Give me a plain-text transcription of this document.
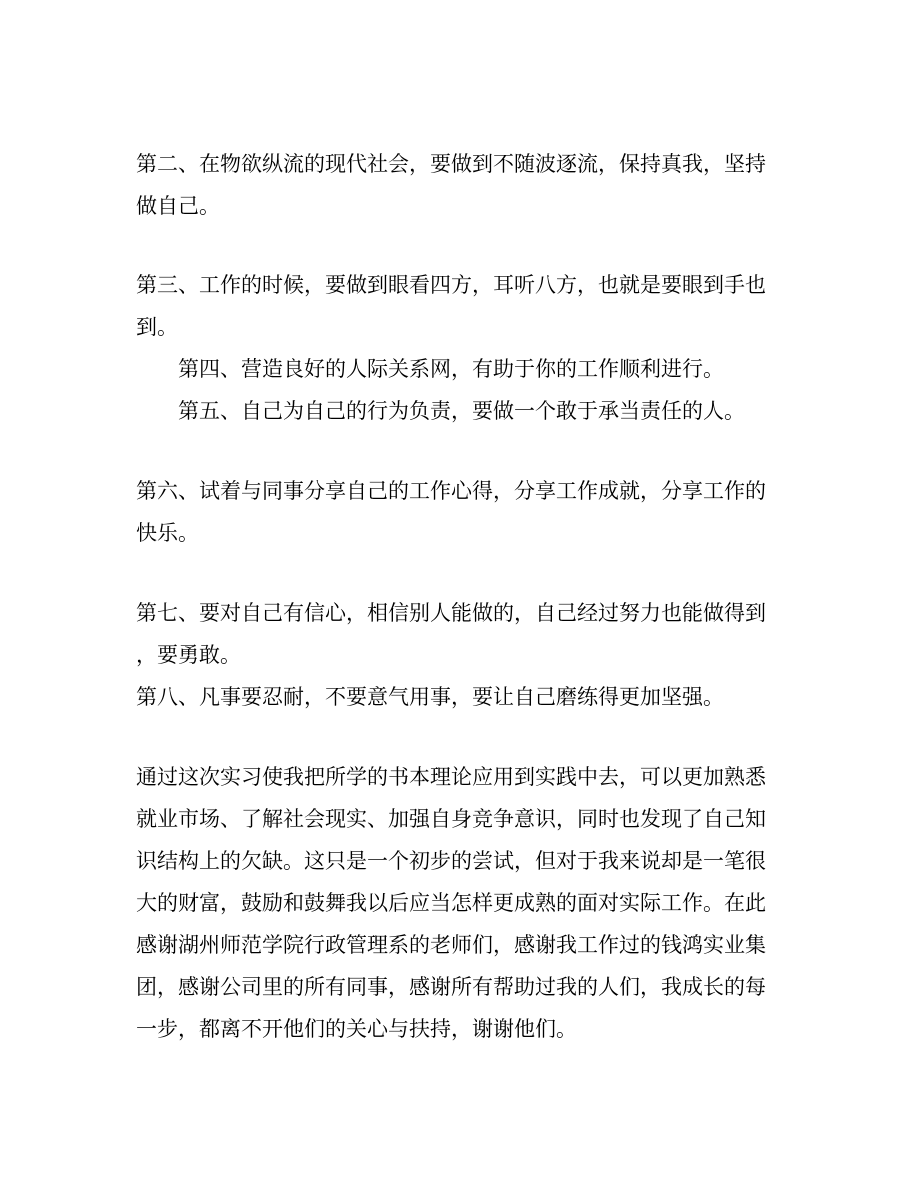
第二、在物欲纵流的现代社会，要做到不随波逐流，保持真我，坚持
做自己。
第三、工作的时候，要做到眼看四方，耳听八方，也就是要眼到手也
到。
第四、营造良好的人际关系网，有助于你的工作顺利进行。
第五、自己为自己的行为负责，要做一个敢于承当责任的人。
第六、试着与同事分享自己的工作心得，分享工作成就，分享工作的
快乐。
第七、要对自己有信心，相信别人能做的，自己经过努力也能做得到
，要勇敢。
第八、凡事要忍耐，不要意气用事，要让自己磨练得更加坚强。
通过这次实习使我把所学的书本理论应用到实践中去，可以更加熟悉
就业市场、了解社会现实、加强自身竞争意识，同时也发现了自己知
识结构上的欠缺。这只是一个初步的尝试，但对于我来说却是一笔很
大的财富，鼓励和鼓舞我以后应当怎样更成熟的面对实际工作。在此
感谢湖州师范学院行政管理系的老师们，感谢我工作过的钱鸿实业集
团，感谢公司里的所有同事，感谢所有帮助过我的人们，我成长的每
一步，都离不开他们的关心与扶持，谢谢他们。
